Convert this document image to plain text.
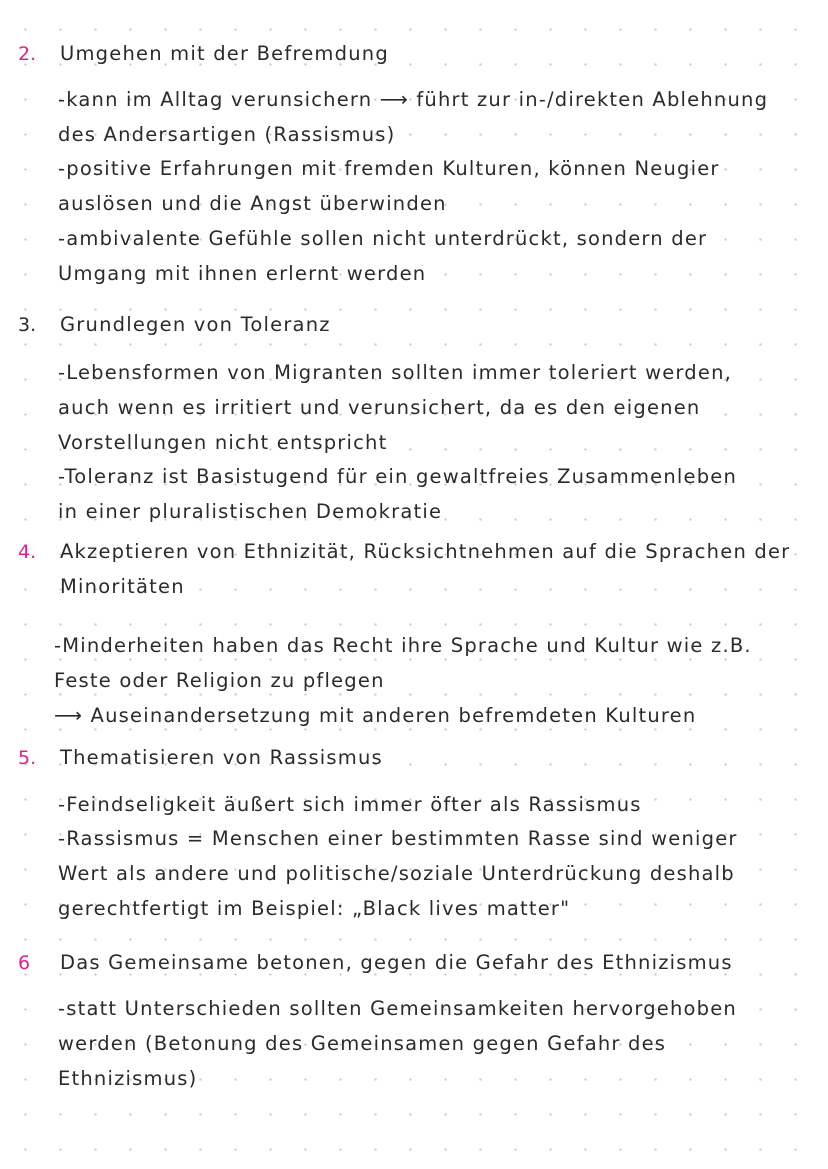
2. Umgehen mit der Befremdung
-kann im Alltag verunsichern ⟶ führt zur in-/direkten Ablehnung
des Andersartigen (Rassismus)
-positive Erfahrungen mit fremden Kulturen, können Neugier
auslösen und die Angst überwinden
-ambivalente Gefühle sollen nicht unterdrückt, sondern der
Umgang mit ihnen erlernt werden
3. Grundlegen von Toleranz
-Lebensformen von Migranten sollten immer toleriert werden,
auch wenn es irritiert und verunsichert, da es den eigenen
Vorstellungen nicht entspricht
-Toleranz ist Basistugend für ein gewaltfreies Zusammenleben
in einer pluralistischen Demokratie
4. Akzeptieren von Ethnizität, Rücksichtnehmen auf die Sprachen der
Minoritäten
-Minderheiten haben das Recht ihre Sprache und Kultur wie z.B.
Feste oder Religion zu pflegen
⟶ Auseinandersetzung mit anderen befremdeten Kulturen
5. Thematisieren von Rassismus
-Feindseligkeit äußert sich immer öfter als Rassismus
-Rassismus = Menschen einer bestimmten Rasse sind weniger
Wert als andere und politische/soziale Unterdrückung deshalb
gerechtfertigt im Beispiel: „Black lives matter"
6 Das Gemeinsame betonen, gegen die Gefahr des Ethnizismus
-statt Unterschieden sollten Gemeinsamkeiten hervorgehoben
werden (Betonung des Gemeinsamen gegen Gefahr des
Ethnizismus)
